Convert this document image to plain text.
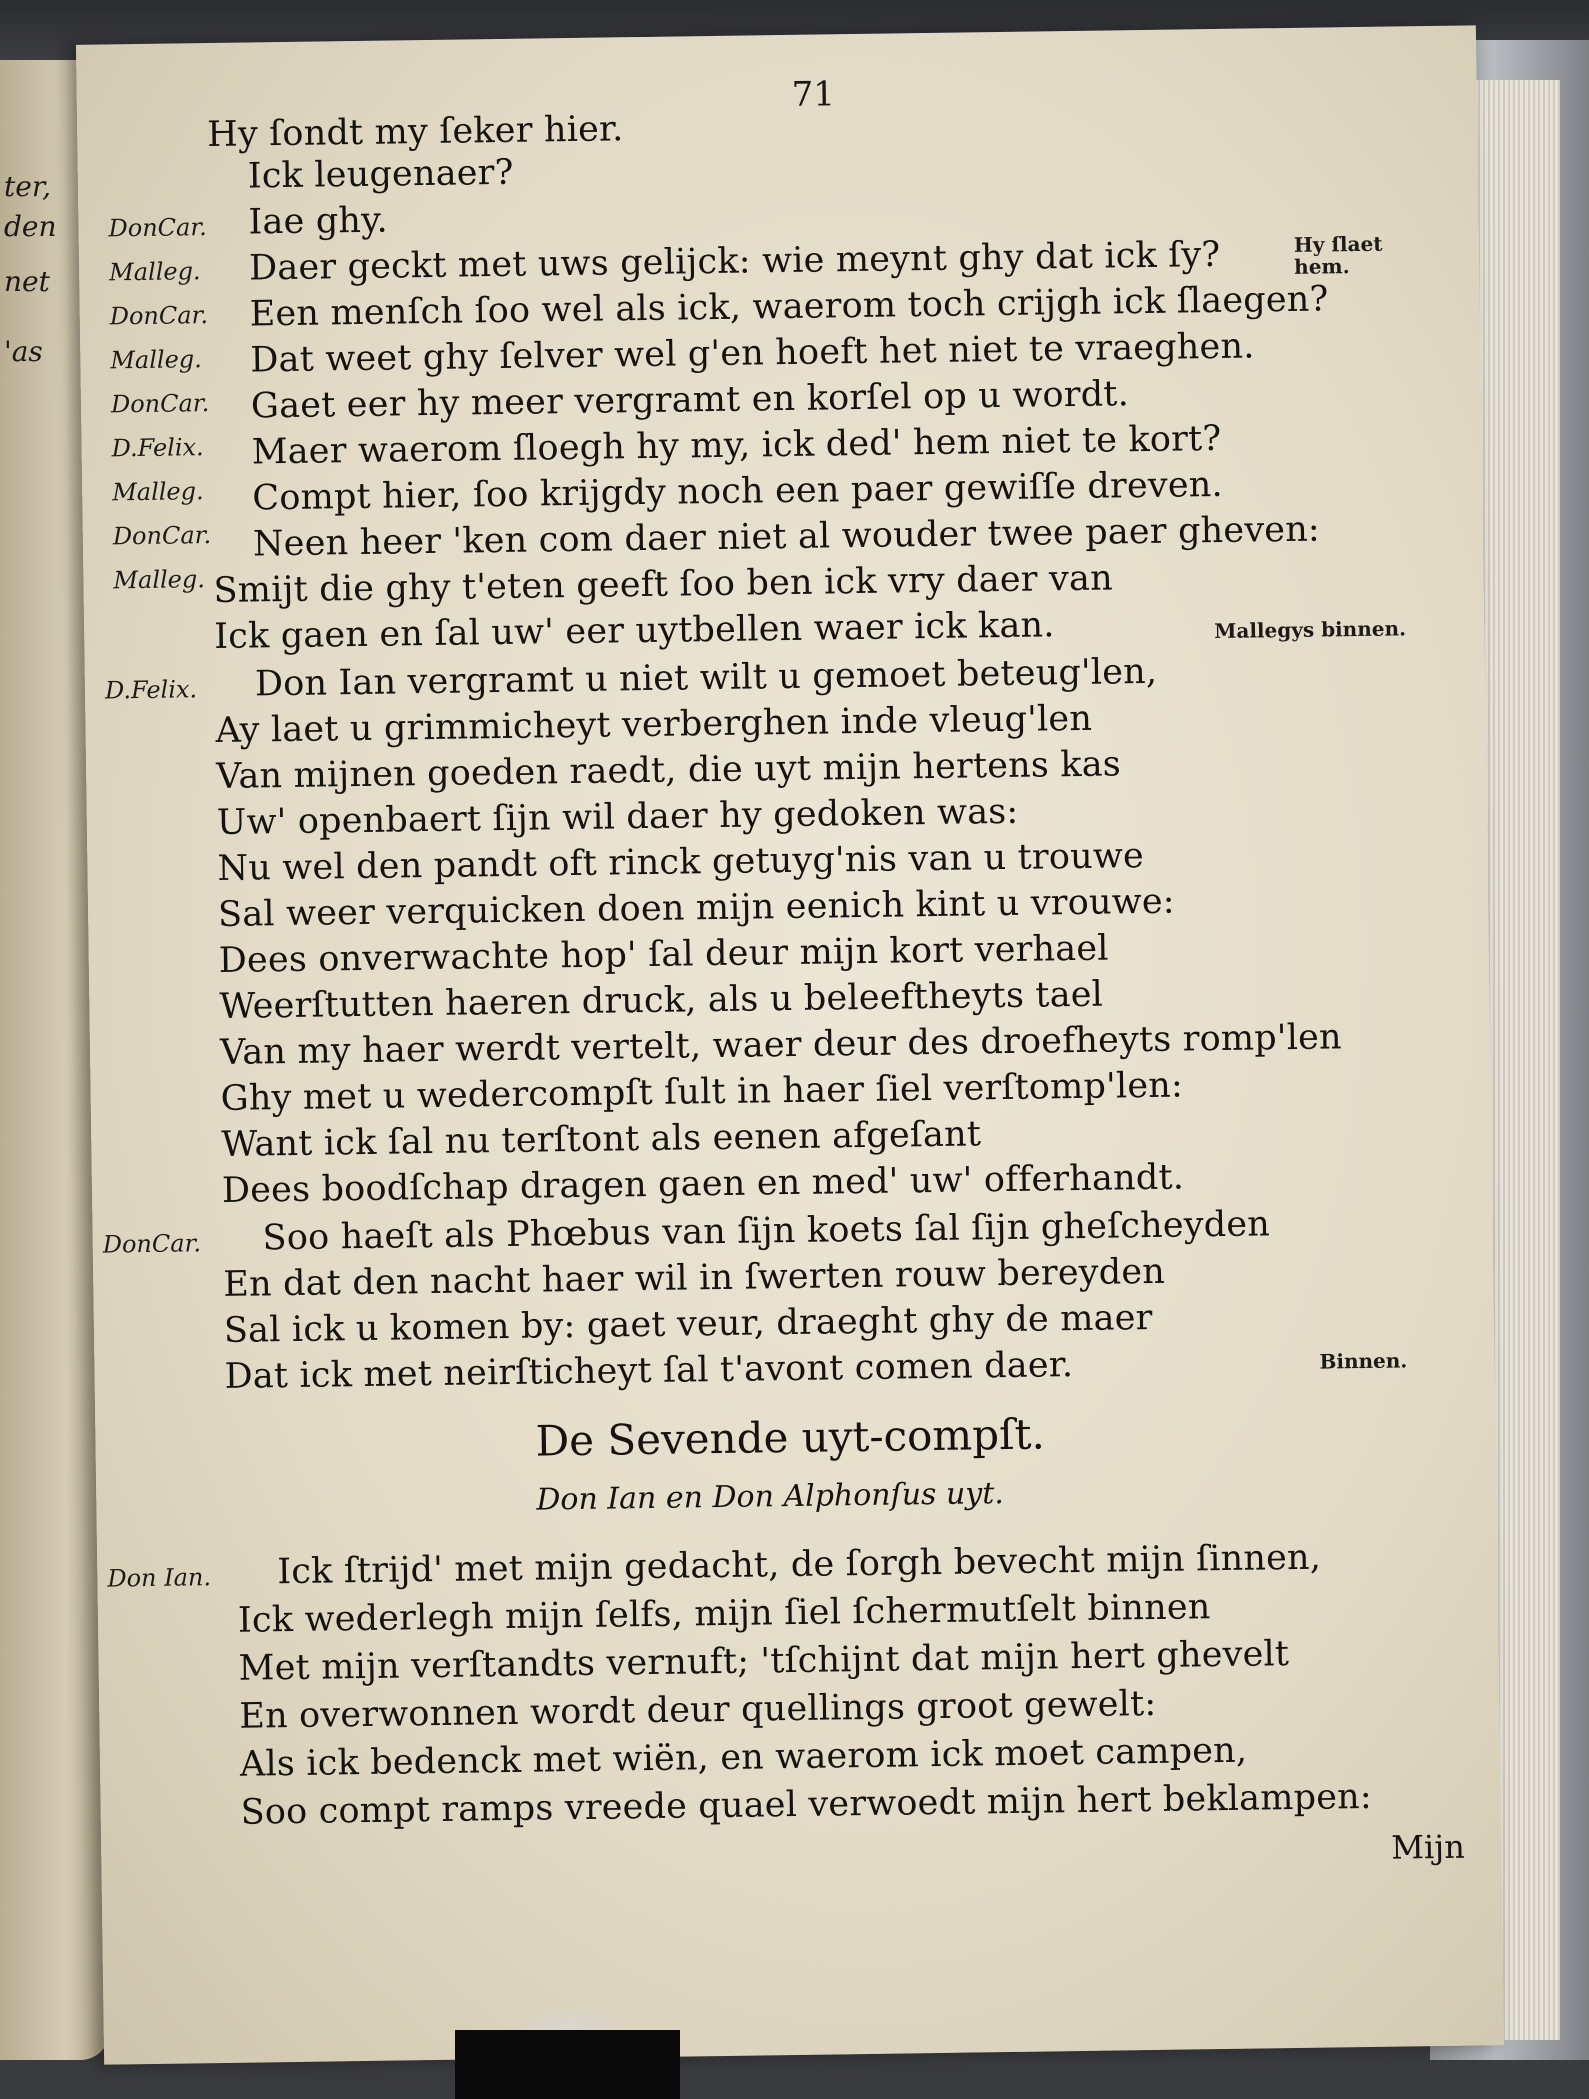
ter,
den
net
'as
71
Hy ſondt my ſeker hier.
Ick leugenaer?
Iae ghy.
Daer geckt met uws gelijck: wie meynt ghy dat ick ſy?
Een menſch ſoo wel als ick, waerom toch crijgh ick ſlaegen?
Dat weet ghy ſelver wel g'en hoeft het niet te vraeghen.
Gaet eer hy meer vergramt en korſel op u wordt.
Maer waerom ſloegh hy my, ick ded' hem niet te kort?
Compt hier, ſoo krijgdy noch een paer gewiſſe dreven.
Neen heer 'ken com daer niet al wouder twee paer gheven:
Smijt die ghy t'eten geeft ſoo ben ick vry daer van
Ick gaen en ſal uw' eer uytbellen waer ick kan.
Don Ian vergramt u niet wilt u gemoet beteug'len,
Ay laet u grimmicheyt verberghen inde vleug'len
Van mijnen goeden raedt, die uyt mijn hertens kas
Uw' openbaert ſijn wil daer hy gedoken was:
Nu wel den pandt oft rinck getuyg'nis van u trouwe
Sal weer verquicken doen mijn eenich kint u vrouwe:
Dees onverwachte hop' ſal deur mijn kort verhael
Weerſtutten haeren druck, als u beleeftheyts tael
Van my haer werdt vertelt, waer deur des droefheyts romp'len
Ghy met u wedercompſt ſult in haer ſiel verſtomp'len:
Want ick ſal nu terſtont als eenen afgeſant
Dees boodſchap dragen gaen en med' uw' offerhandt.
Soo haeſt als Phœbus van ſijn koets ſal ſijn gheſcheyden
En dat den nacht haer wil in ſwerten rouw bereyden
Sal ick u komen by: gaet veur, draeght ghy de maer
Dat ick met neirſticheyt ſal t'avont comen daer.
De Sevende uyt-compſt.
Don Ian en Don Alphonſus uyt.
Ick ſtrijd' met mijn gedacht, de ſorgh bevecht mijn ſinnen,
Ick wederlegh mijn ſelfs, mijn ſiel ſchermutſelt binnen
Met mijn verſtandts vernuft; 'tſchijnt dat mijn hert ghevelt
En overwonnen wordt deur quellings groot gewelt:
Als ick bedenck met wiën, en waerom ick moet campen,
Soo compt ramps vreede quael verwoedt mijn hert beklampen:
Mijn
DonCar.
Malleg.
DonCar.
Malleg.
DonCar.
D.Felix.
Malleg.
DonCar.
Malleg.
D.Felix.
DonCar.
Don Ian.
Hy ſlaet hem.
Mallegys binnen.
Binnen.
